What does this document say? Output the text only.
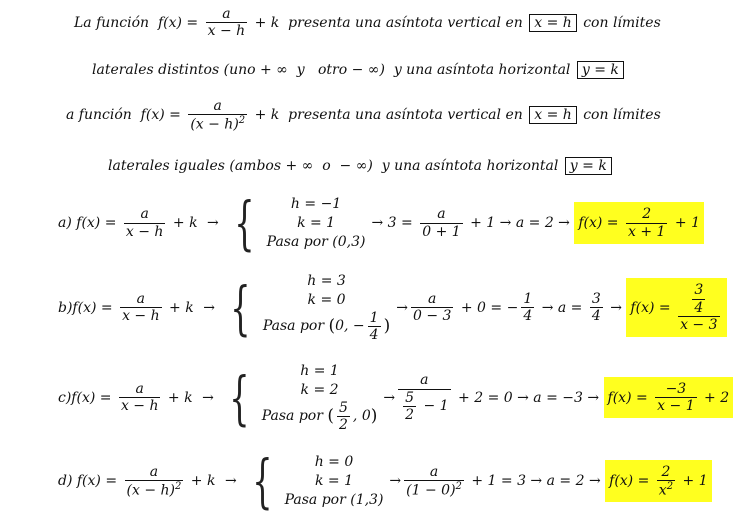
La función  $f(x) = \frac{a}{x - h} + k$  presenta una asíntota vertical en x = h con límites
laterales distintos (uno + ∞  y   otro − ∞)  y una asíntota horizontal y = k
a función  $f(x) = \frac{a}{(x - h)^2} + k$  presenta una asíntota vertical en x = h con límites
laterales iguales (ambos + ∞  o  − ∞)  y una asíntota horizontal y = k
a) $f(x) = \frac{a}{x - h} + k$ → {	h = −1
k = 1
Pasa por (0,3)
→ $3 = \frac{a}{0 + 1} + 1 \to a = 2 \to f(x) = \frac{2}{x + 1} + 1$
$b)f(x) = \frac{a}{x - h} + k$ → {	h = 3
k = 0
Pasa por ( 0, − $\frac{1}{4}$ )
→ $\frac{a}{0 - 3} + 0$ = − $\frac{1}{4} \to a = \frac{3}{4} \to f(x) = \frac{\frac{3}{4}}{x - 3}$
$c)f(x) = \frac{a}{x - h} + k$ → {	h = 1
k = 2
Pasa por ( $\frac{5}{2}$ , 0 )
→ $\frac{a}{\frac{5}{2} - 1} + 2 = 0 \to a = -3 \to f(x) = \frac{-3}{x - 1} + 2$
d) $f(x) = \frac{a}{(x - h)^2} + k$ → {	h = 0
k = 1
Pasa por (1,3)
→ $\frac{a}{(1 - 0)^2} + 1 = 3 \to a = 2 \to f(x) = \frac{2}{x^2} + 1$
